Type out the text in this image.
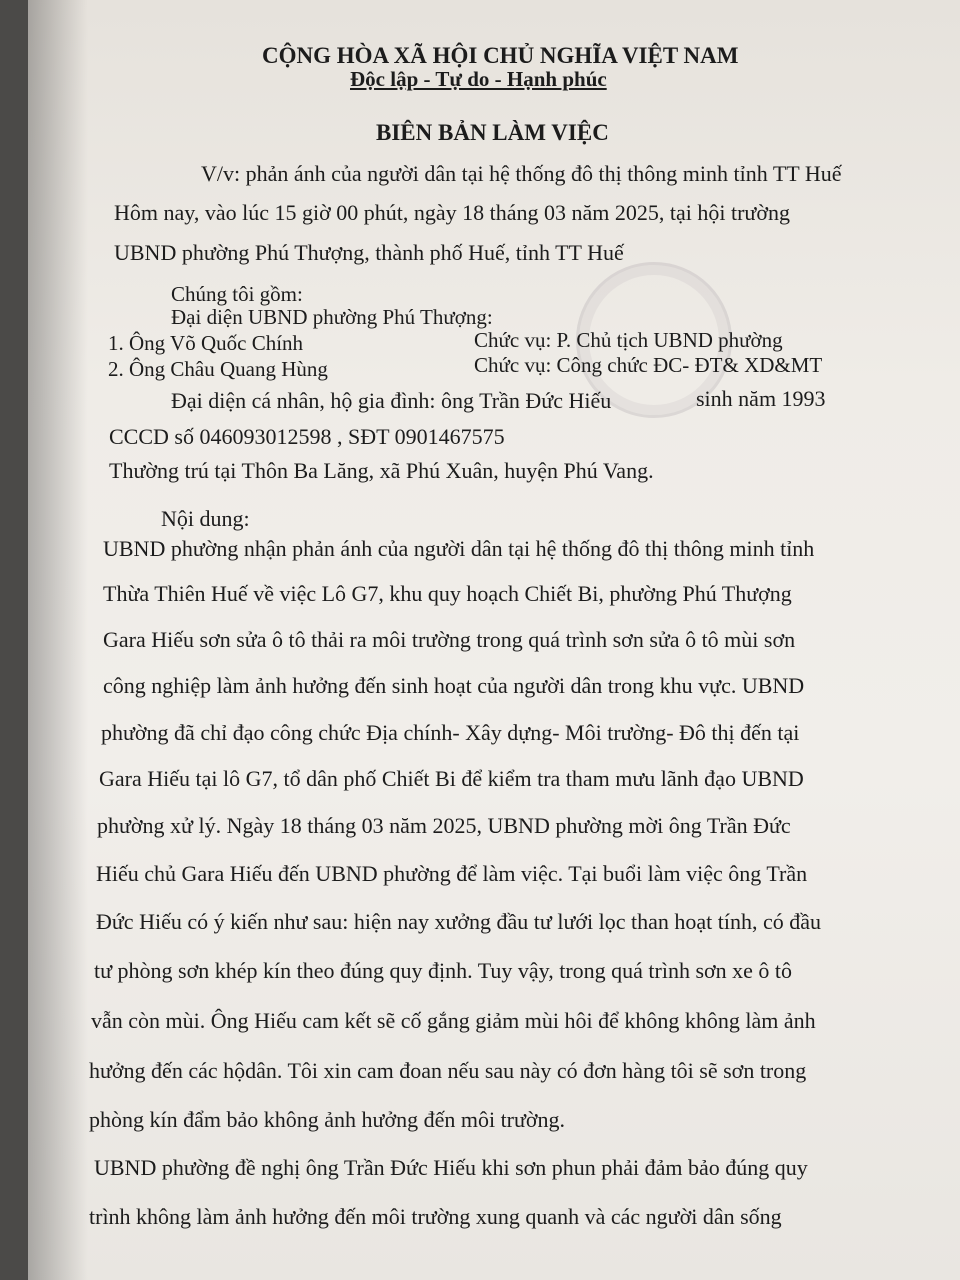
CỘNG HÒA XÃ HỘI CHỦ NGHĨA VIỆT NAM
Độc lập - Tự do - Hạnh phúc
BIÊN BẢN LÀM VIỆC
V/v: phản ánh của người dân tại hệ thống đô thị thông minh tỉnh TT Huế
Hôm nay, vào lúc 15 giờ 00 phút, ngày 18 tháng 03 năm 2025, tại hội trường
UBND phường Phú Thượng, thành phố Huế, tỉnh TT Huế
Chúng tôi gồm:
Đại diện UBND phường Phú Thượng:
1. Ông Võ Quốc Chính	Chức vụ: P. Chủ tịch UBND phường
2. Ông Châu Quang Hùng	Chức vụ: Công chức ĐC- ĐT& XD&MT
Đại diện cá nhân, hộ gia đình: ông Trần Đức Hiếu	sinh năm 1993
CCCD số 046093012598 , SĐT 0901467575
Thường trú tại Thôn Ba Lăng, xã Phú Xuân, huyện Phú Vang.
Nội dung:
UBND phường nhận phản ánh của người dân tại hệ thống đô thị thông minh tỉnh
Thừa Thiên Huế về việc Lô G7, khu quy hoạch Chiết Bi, phường Phú Thượng
Gara Hiếu sơn sửa ô tô thải ra môi trường trong quá trình sơn sửa ô tô mùi sơn
công nghiệp làm ảnh hưởng đến sinh hoạt của người dân trong khu vực. UBND
phường đã chỉ đạo công chức Địa chính- Xây dựng- Môi trường- Đô thị đến tại
Gara Hiếu tại lô G7, tổ dân phố Chiết Bi để kiểm tra tham mưu lãnh đạo UBND
phường xử lý. Ngày 18 tháng 03 năm 2025, UBND phường mời ông Trần Đức
Hiếu chủ Gara Hiếu đến UBND phường để làm việc. Tại buổi làm việc ông Trần
Đức Hiếu có ý kiến như sau: hiện nay xưởng đầu tư lưới lọc than hoạt tính, có đầu
tư phòng sơn khép kín theo đúng quy định. Tuy vậy, trong quá trình sơn xe ô tô
vẫn còn mùi. Ông Hiếu cam kết sẽ cố gắng giảm mùi hôi để không không làm ảnh
hưởng đến các hộdân. Tôi xin cam đoan nếu sau này có đơn hàng tôi sẽ sơn trong
phòng kín đẩm bảo không ảnh hưởng đến môi trường.
UBND phường đề nghị ông Trần Đức Hiếu khi sơn phun phải đảm bảo đúng quy
trình không làm ảnh hưởng đến môi trường xung quanh và các người dân sống
